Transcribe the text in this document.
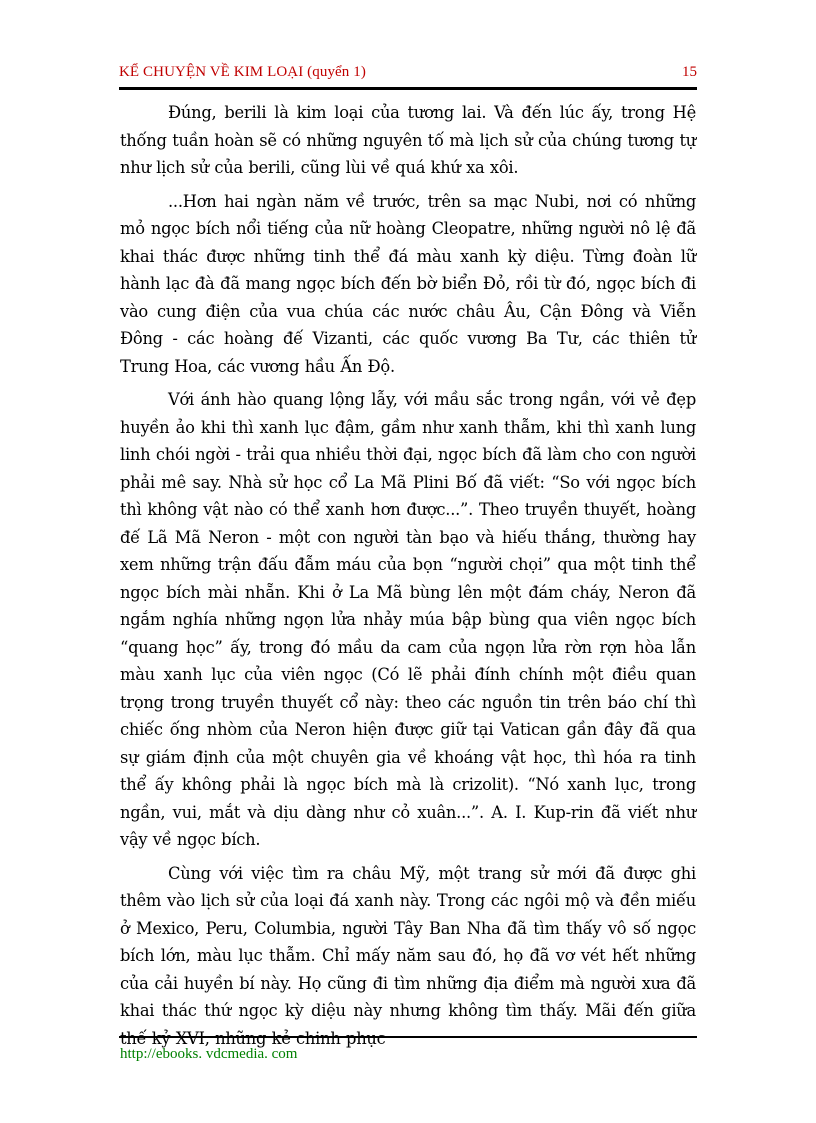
KỂ CHUYỆN VỀ KIM LOẠI (quyển 1)	15

Đúng, berili là kim loại của tương lai. Và đến lúc ấy, trong Hệ thống tuần hoàn sẽ có những nguyên tố mà lịch sử của chúng tương tự như lịch sử của berili, cũng lùi về quá khứ xa xôi.

...Hơn hai ngàn năm về trước, trên sa mạc Nubi, nơi có những mỏ ngọc bích nổi tiếng của nữ hoàng Cleopatre, những người nô lệ đã khai thác được những tinh thể đá màu xanh kỳ diệu. Từng đoàn lữ hành lạc đà đã mang ngọc bích đến bờ biển Đỏ, rồi từ đó, ngọc bích đi vào cung điện của vua chúa các nước châu Âu, Cận Đông và Viễn Đông - các hoàng đế Vizanti, các quốc vương Ba Tư, các thiên tử Trung Hoa, các vương hầu Ấn Độ.

Với ánh hào quang lộng lẫy, với mầu sắc trong ngần, với vẻ đẹp huyền ảo khi thì xanh lục đậm, gầm như xanh thẫm, khi thì xanh lung linh chói ngời - trải qua nhiều thời đại, ngọc bích đã làm cho con người phải mê say. Nhà sử học cổ La Mã Plini Bố đã viết: “So với ngọc bích thì không vật nào có thể xanh hơn được...”. Theo truyền thuyết, hoàng đế Lã Mã Neron - một con người tàn bạo và hiếu thắng, thường hay xem những trận đấu đẫm máu của bọn “người chọi” qua một tinh thể ngọc bích mài nhẵn. Khi ở La Mã bùng lên một đám cháy, Neron đã ngắm nghía những ngọn lửa nhảy múa bập bùng qua viên ngọc bích “quang học” ấy, trong đó mầu da cam của ngọn lửa rờn rợn hòa lẫn màu xanh lục của viên ngọc (Có lẽ phải đính chính một điều quan trọng trong truyền thuyết cổ này: theo các nguồn tin trên báo chí thì chiếc ống nhòm của Neron hiện được giữ tại Vatican gần đây đã qua sự giám định của một chuyên gia về khoáng vật học, thì hóa ra tinh thể ấy không phải là ngọc bích mà là crizolit). “Nó xanh lục, trong ngần, vui, mắt và dịu dàng như cỏ xuân...”. A. I. Kup-rin đã viết như vậy về ngọc bích.

Cùng với việc tìm ra châu Mỹ, một trang sử mới đã được ghi thêm vào lịch sử của loại đá xanh này. Trong các ngôi mộ và đền miếu ở Mexico, Peru, Columbia, người Tây Ban Nha đã tìm thấy vô số ngọc bích lớn, màu lục thẫm. Chỉ mấy năm sau đó, họ đã vơ vét hết những của cải huyền bí này. Họ cũng đi tìm những địa điểm mà người xưa đã khai thác thứ ngọc kỳ diệu này nhưng không tìm thấy. Mãi đến giữa thế kỷ XVI, những kẻ chinh phục

http://ebooks. vdcmedia. com
